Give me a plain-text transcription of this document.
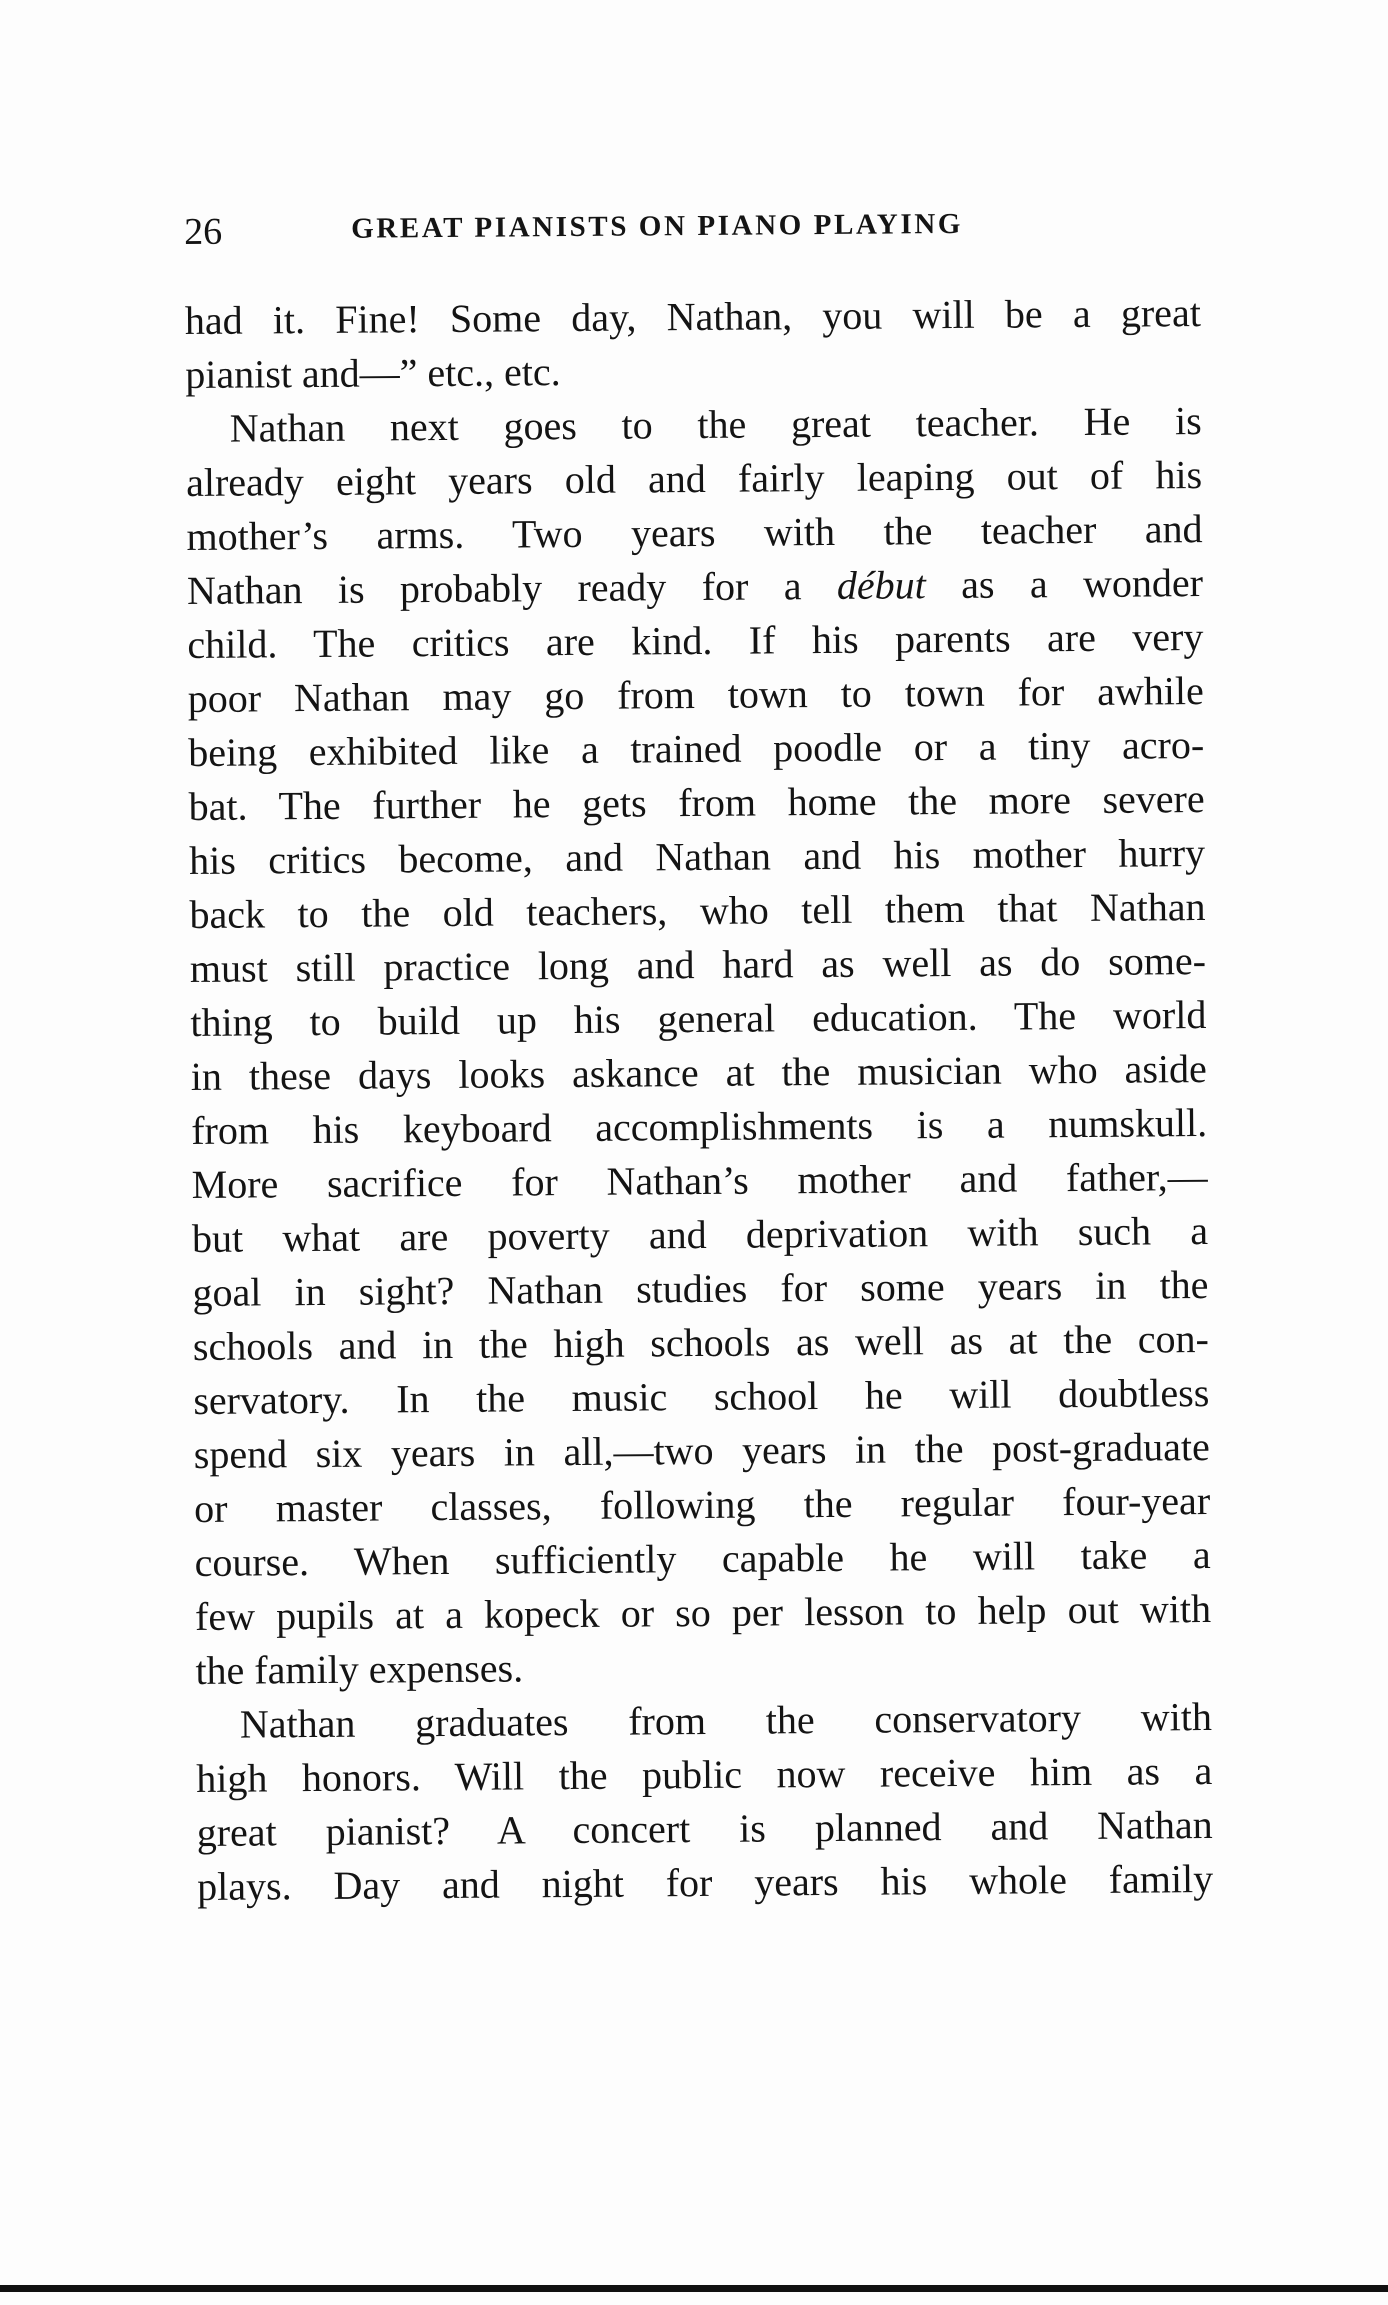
26	GREAT PIANISTS ON PIANO PLAYING
had it. Fine! Some day, Nathan, you will be a great
pianist and—” etc., etc.
Nathan next goes to the great teacher. He is
already eight years old and fairly leaping out of his
mother’s arms. Two years with the teacher and
Nathan is probably ready for a début as a wonder
child. The critics are kind. If his parents are very
poor Nathan may go from town to town for awhile
being exhibited like a trained poodle or a tiny acro-
bat. The further he gets from home the more severe
his critics become, and Nathan and his mother hurry
back to the old teachers, who tell them that Nathan
must still practice long and hard as well as do some-
thing to build up his general education. The world
in these days looks askance at the musician who aside
from his keyboard accomplishments is a numskull.
More sacrifice for Nathan’s mother and father,—
but what are poverty and deprivation with such a
goal in sight? Nathan studies for some years in the
schools and in the high schools as well as at the con-
servatory. In the music school he will doubtless
spend six years in all,—two years in the post-graduate
or master classes, following the regular four-year
course. When sufficiently capable he will take a
few pupils at a kopeck or so per lesson to help out with
the family expenses.
Nathan graduates from the conservatory with
high honors. Will the public now receive him as a
great pianist? A concert is planned and Nathan
plays. Day and night for years his whole family
